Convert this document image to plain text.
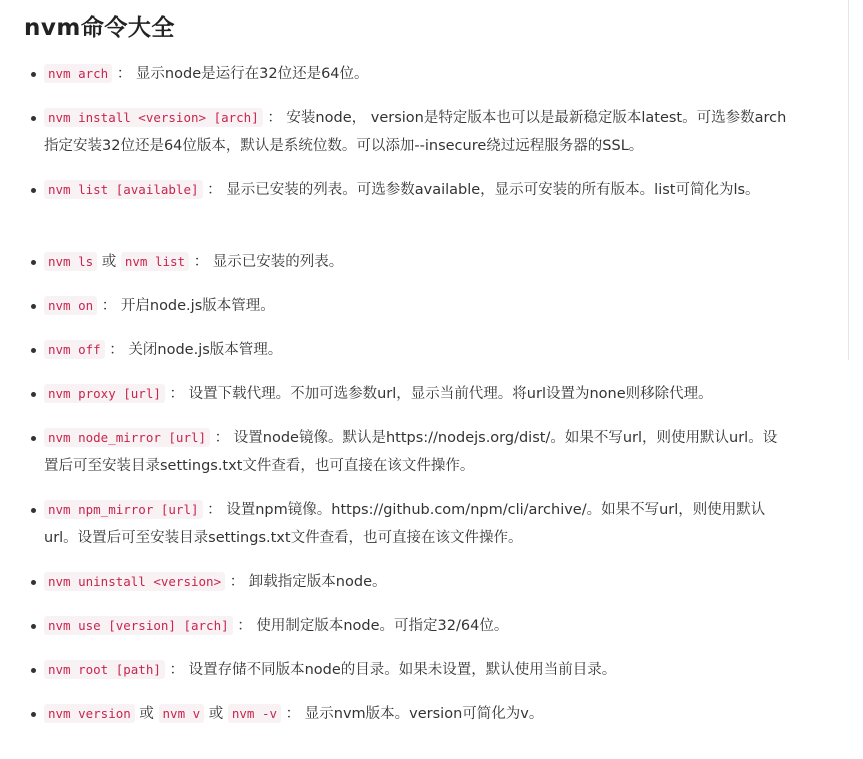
nvm命令大全
nvm arch ： 显示node是运行在32位还是64位。
nvm install <version> [arch] ： 安装node， version是特定版本也可以是最新稳定版本latest。可选参数arch指定安装32位还是64位版本，默认是系统位数。可以添加--insecure绕过远程服务器的SSL。
nvm list [available] ： 显示已安装的列表。可选参数available，显示可安装的所有版本。list可简化为ls。
nvm ls 或 nvm list ： 显示已安装的列表。
nvm on ： 开启node.js版本管理。
nvm off ： 关闭node.js版本管理。
nvm proxy [url] ： 设置下载代理。不加可选参数url，显示当前代理。将url设置为none则移除代理。
nvm node_mirror [url] ： 设置node镜像。默认是https://nodejs.org/dist/。如果不写url，则使用默认url。设置后可至安装目录settings.txt文件查看，也可直接在该文件操作。
nvm npm_mirror [url] ： 设置npm镜像。https://github.com/npm/cli/archive/。如果不写url，则使用默认url。设置后可至安装目录settings.txt文件查看，也可直接在该文件操作。
nvm uninstall <version> ： 卸载指定版本node。
nvm use [version] [arch] ： 使用制定版本node。可指定32/64位。
nvm root [path] ： 设置存储不同版本node的目录。如果未设置，默认使用当前目录。
nvm version 或 nvm v 或 nvm -v ： 显示nvm版本。version可简化为v。
